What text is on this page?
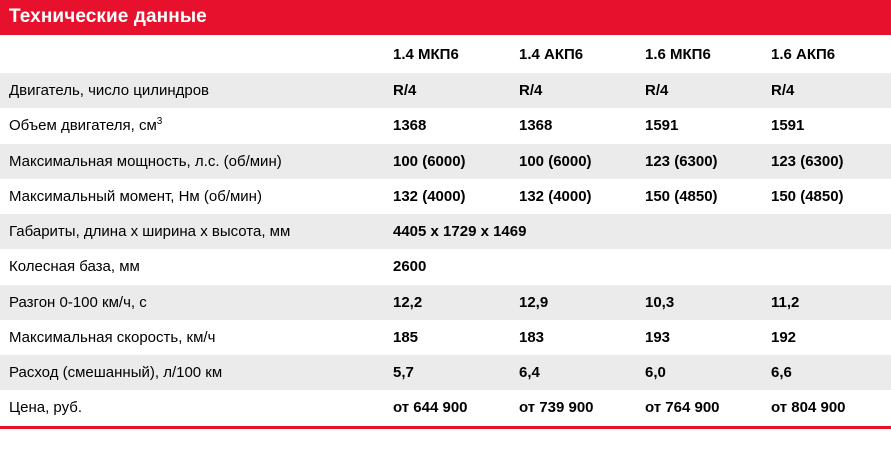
Технические данные				
	1.4 МКП6	1.4 АКП6	1.6 МКП6	1.6 АКП6
Двигатель, число цилиндров	R/4	R/4	R/4	R/4
Объем двигателя, $см^3$	1368	1368	1591	1591
Максимальная мощность, л.с. (об/мин)	100 (6000)	100 (6000)	123 (6300)	123 (6300)
Максимальный момент, Нм (об/мин)	132 (4000)	132 (4000)	150 (4850)	150 (4850)
Габариты, длина х ширина х высота, мм	4405 x 1729 x 1469			
Колесная база, мм	2600			
Разгон 0-100 км/ч, с	12,2	12,9	10,3	11,2
Максимальная скорость, км/ч	185	183	193	192
Расход (смешанный), л/100 км	5,7	6,4	6,0	6,6
Цена, руб.	от 644 900	от 739 900	от 764 900	от 804 900
